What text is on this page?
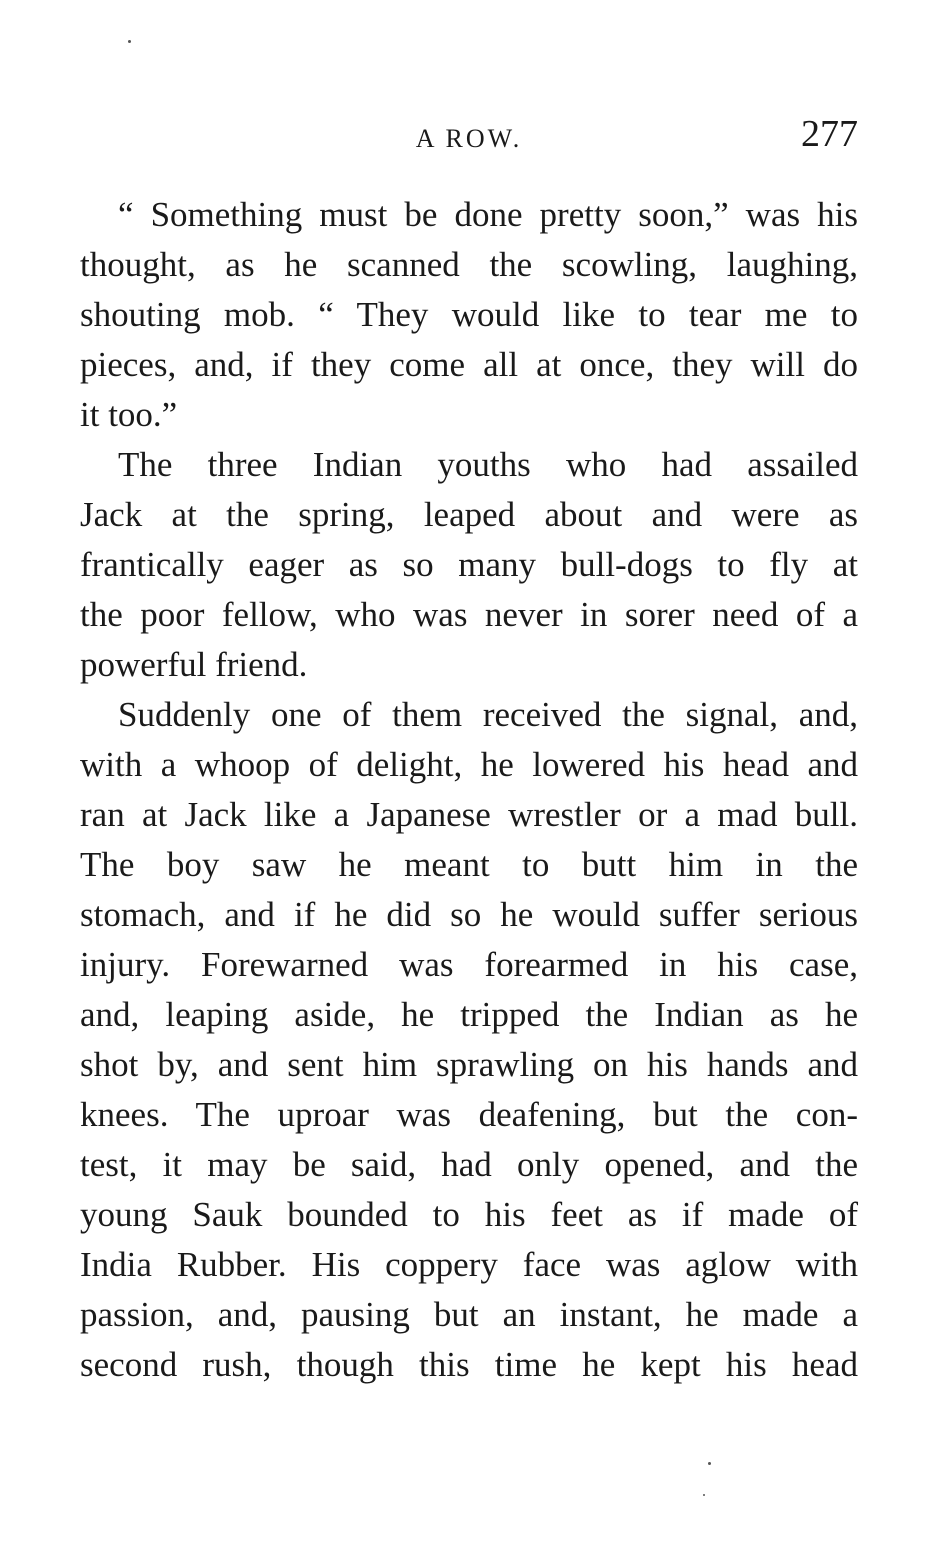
A ROW.	277
“ Something must be done pretty soon,” was his
thought, as he scanned the scowling, laughing,
shouting mob. “ They would like to tear me to
pieces, and, if they come all at once, they will do
it too.”
The three Indian youths who had assailed
Jack at the spring, leaped about and were as
frantically eager as so many bull-dogs to fly at
the poor fellow, who was never in sorer need of a
powerful friend.
Suddenly one of them received the signal, and,
with a whoop of delight, he lowered his head and
ran at Jack like a Japanese wrestler or a mad bull.
The boy saw he meant to butt him in the
stomach, and if he did so he would suffer serious
injury. Forewarned was forearmed in his case,
and, leaping aside, he tripped the Indian as he
shot by, and sent him sprawling on his hands and
knees. The uproar was deafening, but the con-
test, it may be said, had only opened, and the
young Sauk bounded to his feet as if made of
India Rubber. His coppery face was aglow with
passion, and, pausing but an instant, he made a
second rush, though this time he kept his head
